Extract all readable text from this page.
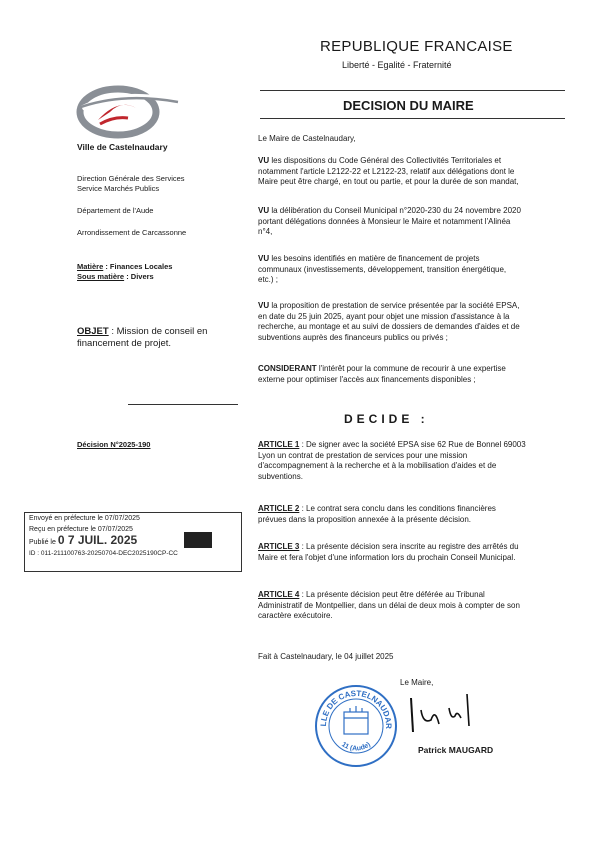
REPUBLIQUE FRANCAISE
Liberté - Egalité - Fraternité
Ville de Castelnaudary
DECISION DU MAIRE
Direction Générale des Services
Service Marchés Publics
Département de l'Aude
Arrondissement de Carcassonne
Matière : Finances Locales
Sous matière : Divers
OBJET : Mission de conseil en
financement de projet.
Décision N°2025-190
Envoyé en préfecture le 07/07/2025
Reçu en préfecture le 07/07/2025
Publié le 0 7 JUIL. 2025
ID : 011-211100763-20250704-DEC2025190CP-CC
Le Maire de Castelnaudary,
VU les dispositions du Code Général des Collectivités Territoriales et
notamment l'article L2122-22 et L2122-23, relatif aux délégations dont le
Maire peut être chargé, en tout ou partie, et pour la durée de son mandat,
VU la délibération du Conseil Municipal n°2020-230 du 24 novembre 2020
portant délégations données à Monsieur le Maire et notamment l'Alinéa
n°4,
VU les besoins identifiés en matière de financement de projets
communaux (investissements, développement, transition énergétique,
etc.) ;
VU la proposition de prestation de service présentée par la société EPSA,
en date du 25 juin 2025, ayant pour objet une mission d'assistance à la
recherche, au montage et au suivi de dossiers de demandes d'aides et de
subventions auprès des financeurs publics ou privés ;
CONSIDERANT l'intérêt pour la commune de recourir à une expertise
externe pour optimiser l'accès aux financements disponibles ;
DECIDE :
ARTICLE 1 : De signer avec la société EPSA sise 62 Rue de Bonnel 69003
Lyon un contrat de prestation de services pour une mission
d'accompagnement à la recherche et à la mobilisation d'aides et de
subventions.
ARTICLE 2 : Le contrat sera conclu dans les conditions financières
prévues dans la proposition annexée à la présente décision.
ARTICLE 3 : La présente décision sera inscrite au registre des arrêtés du
Maire et fera l'objet d'une information lors du prochain Conseil Municipal.
ARTICLE 4 : La présente décision peut être déférée au Tribunal
Administratif de Montpellier, dans un délai de deux mois à compter de son
caractère exécutoire.
Fait à Castelnaudary, le 04 juillet 2025
Le Maire,
LLE DE CASTELNAUDAR
11 (Aude)
Patrick MAUGARD
